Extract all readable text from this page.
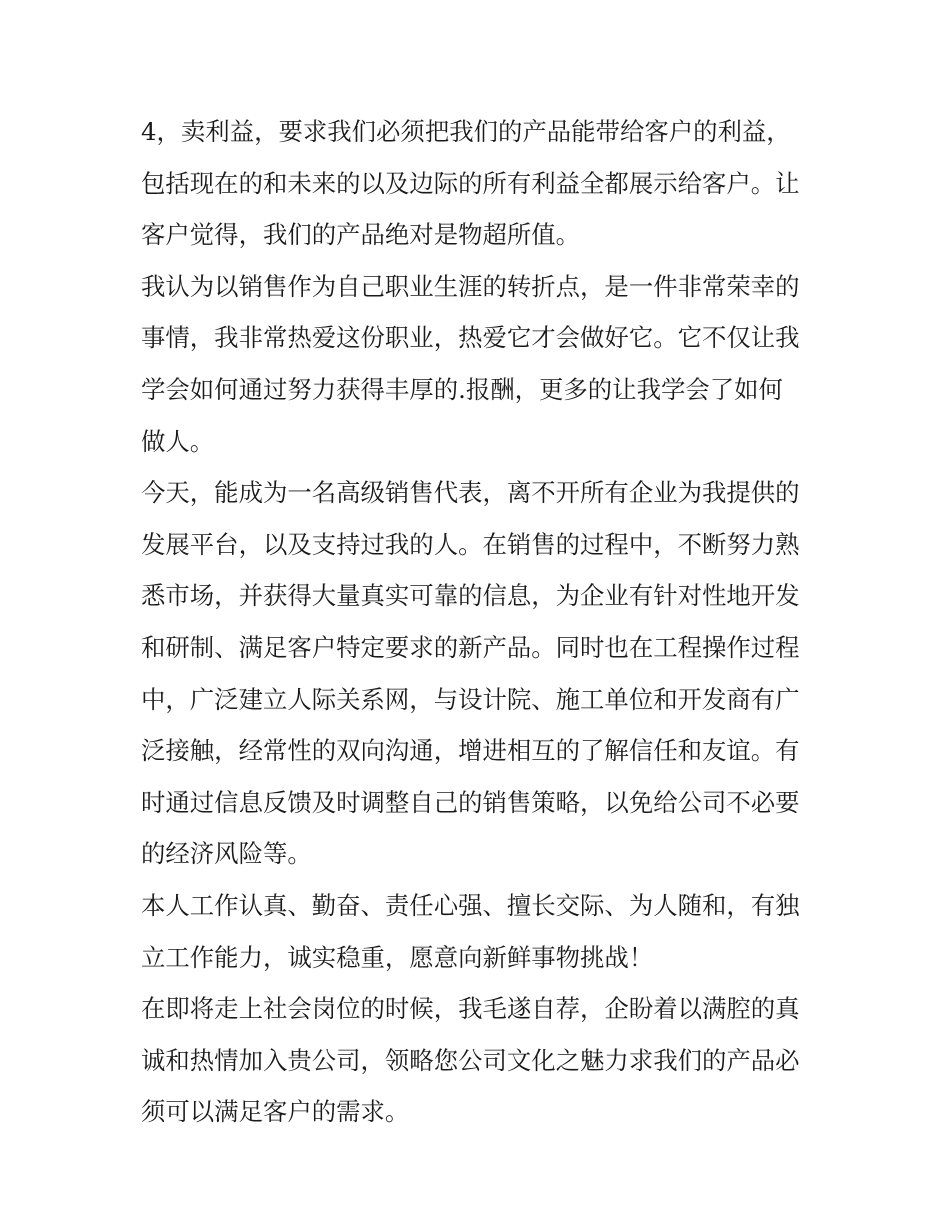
4，卖利益，要求我们必须把我们的产品能带给客户的利益，
包括现在的和未来的以及边际的所有利益全都展示给客户。让
客户觉得，我们的产品绝对是物超所值。
我认为以销售作为自己职业生涯的转折点，是一件非常荣幸的
事情，我非常热爱这份职业，热爱它才会做好它。它不仅让我
学会如何通过努力获得丰厚的.报酬，更多的让我学会了如何
做人。
今天，能成为一名高级销售代表，离不开所有企业为我提供的
发展平台，以及支持过我的人。在销售的过程中，不断努力熟
悉市场，并获得大量真实可靠的信息，为企业有针对性地开发
和研制、满足客户特定要求的新产品。同时也在工程操作过程
中，广泛建立人际关系网，与设计院、施工单位和开发商有广
泛接触，经常性的双向沟通，增进相互的了解信任和友谊。有
时通过信息反馈及时调整自己的销售策略，以免给公司不必要
的经济风险等。
本人工作认真、勤奋、责任心强、擅长交际、为人随和，有独
立工作能力，诚实稳重，愿意向新鲜事物挑战！
在即将走上社会岗位的时候，我毛遂自荐，企盼着以满腔的真
诚和热情加入贵公司，领略您公司文化之魅力求我们的产品必
须可以满足客户的需求。
